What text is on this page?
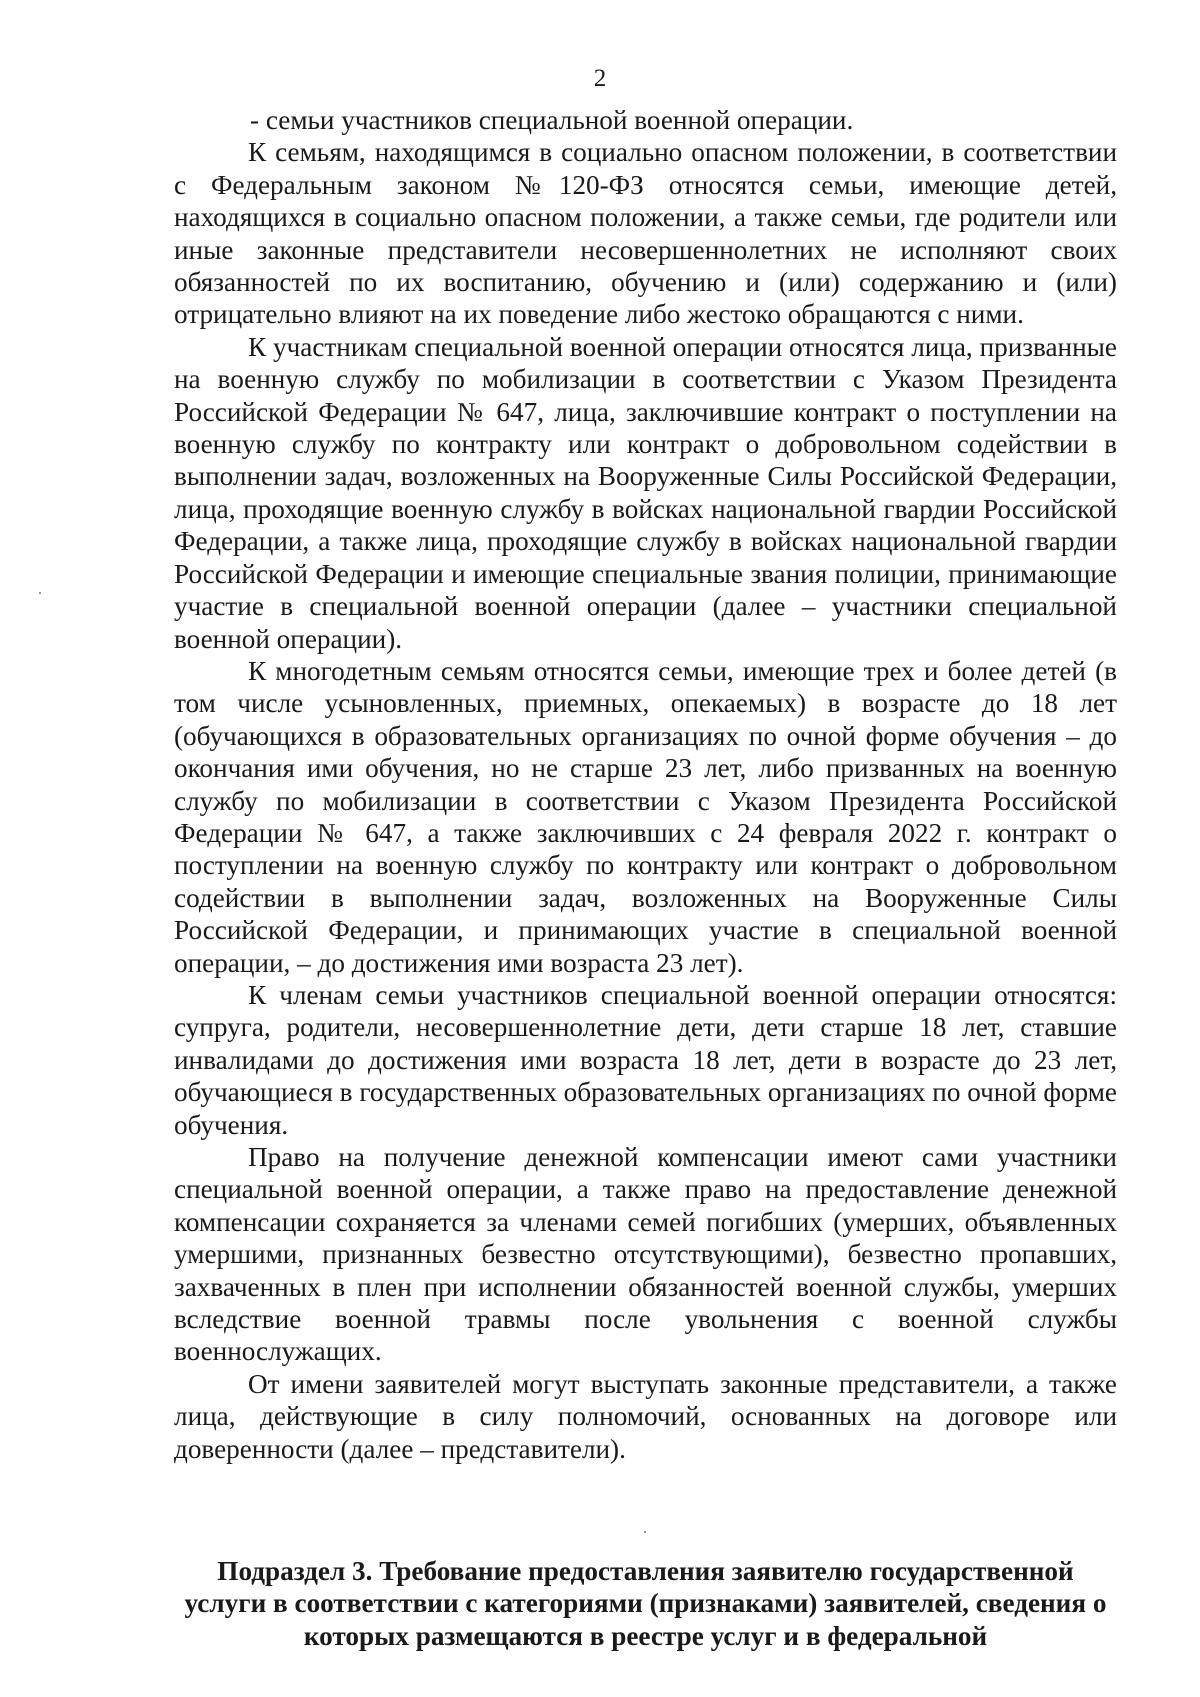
2

- семьи участников специальной военной операции.

К семьям, находящимся в социально опасном положении, в соответствии с Федеральным законом №120-ФЗ относятся семьи, имеющие детей, находящихся в социально опасном положении, а также семьи, где родители или иные законные представители несовершеннолетних не исполняют своих обязанностей по их воспитанию, обучению и (или) содержанию и (или) отрицательно влияют на их поведение либо жестоко обращаются с ними.

К участникам специальной военной операции относятся лица, призванные на военную службу по мобилизации в соответствии с Указом Президента Российской Федерации № 647, лица, заключившие контракт о поступлении на военную службу по контракту или контракт о добровольном содействии в выполнении задач, возложенных на Вооруженные Силы Российской Федерации, лица, проходящие военную службу в войсках национальной гвардии Российской Федерации, а также лица, проходящие службу в войсках национальной гвардии Российской Федерации и имеющие специальные звания полиции, принимающие участие в специальной военной операции (далее – участники специальной военной операции).

К многодетным семьям относятся семьи, имеющие трех и более детей (в том числе усыновленных, приемных, опекаемых) в возрасте до 18 лет (обучающихся в образовательных организациях по очной форме обучения – до окончания ими обучения, но не старше 23 лет, либо призванных на военную службу по мобилизации в соответствии с Указом Президента Российской Федерации № 647, а также заключивших с 24 февраля 2022 г. контракт о поступлении на военную службу по контракту или контракт о добровольном содействии в выполнении задач, возложенных на Вооруженные Силы Российской Федерации, и принимающих участие в специальной военной операции, – до достижения ими возраста 23 лет).

К членам семьи участников специальной военной операции относятся: супруга, родители, несовершеннолетние дети, дети старше 18 лет, ставшие инвалидами до достижения ими возраста 18 лет, дети в возрасте до 23 лет, обучающиеся в государственных образовательных организациях по очной форме обучения.

Право на получение денежной компенсации имеют сами участники специальной военной операции, а также право на предоставление денежной компенсации сохраняется за членами семей погибших (умерших, объявленных умершими, признанных безвестно отсутствующими), безвестно пропавших, захваченных в плен при исполнении обязанностей военной службы, умерших вследствие военной травмы после увольнения с военной службы военнослужащих.

От имени заявителей могут выступать законные представители, а также лица, действующие в силу полномочий, основанных на договоре или доверенности (далее – представители).

Подраздел 3. Требование предоставления заявителю государственной услуги в соответствии с категориями (признаками) заявителей, сведения о которых размещаются в реестре услуг и в федеральной
